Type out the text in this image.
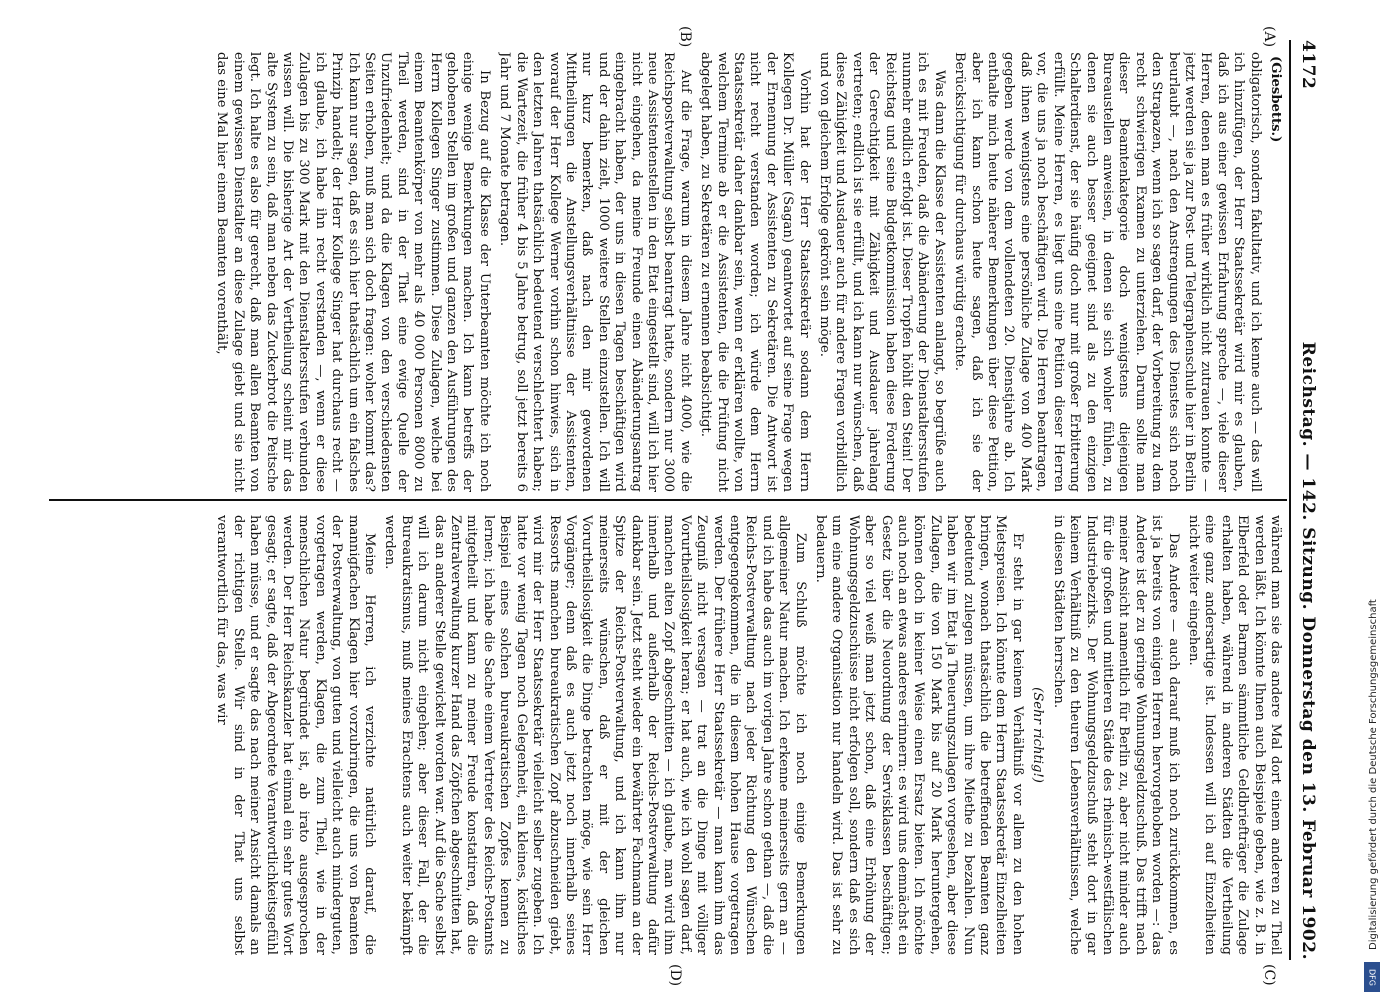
4172
Reichstag. — 142. Sitzung. Donnerstag den 13. Februar 1902.
(A)
(B)
(C)
(D)

(Giesbetts.)

obligatorisch, sondern fakultativ, und ich kenne auch — das will ich hinzufügen, der Herr Staatssekretär wird mir es glauben, daß ich aus einer gewissen Erfahrung spreche —, viele dieser Herren, denen man es früher wirklich nicht zutrauen konnte — jetzt werden sie ja zur Post- und Telegraphenschule hier in Berlin beurlaubt —, nach den Anstrengungen des Dienstes sich noch den Strapazen, wenn ich so sagen darf, der Vorbereitung zu dem recht schwierigen Examen zu unterziehen. Darum sollte man dieser Beamtenkategorie doch wenigstens diejenigen Bureaustellen anweisen, in denen sie sich wohler fühlen, zu denen sie auch besser geeignet sind als zu den einzigen Schalterdienst, der sie häufig doch nur mit großer Erbitterung erfüllt. Meine Herren, es liegt uns eine Petition dieser Herren vor, die uns ja noch beschäftigen wird. Die Herren beantragen, daß ihnen wenigstens eine persönliche Zulage von 400 Mark gegeben werde von dem vollendeten 20. Dienstjahre ab. Ich enthalte mich heute näherer Bemerkungen über diese Petition, aber ich kann schon heute sagen, daß ich sie der Berücksichtigung für durchaus würdig erachte.

Was dann die Klasse der Assistenten anlangt, so begrüße auch ich es mit Freuden, daß die Abänderung der Dienstaltersstufen nunmehr endlich erfolgt ist. Dieser Tropfen höhlt den Stein! Der Reichstag und seine Budgetkommission haben diese Forderung der Gerechtigkeit mit Zähigkeit und Ausdauer jahrelang vertreten; endlich ist sie erfüllt, und ich kann nur wünschen, daß diese Zähigkeit und Ausdauer auch für andere Fragen vorbildlich und von gleichem Erfolge gekrönt sein möge.

Vorhin hat der Herr Staatssekretär sodann dem Herrn Kollegen Dr. Müller (Sagan) geantwortet auf seine Frage wegen der Ernennung der Assistenten zu Sekretären. Die Antwort ist nicht recht verstanden worden; ich würde dem Herrn Staatssekretär daher dankbar sein, wenn er erklären wollte, von welchem Termine ab er die Assistenten, die die Prüfung nicht abgelegt haben, zu Sekretären zu ernennen beabsichtigt.

Auf die Frage, warum in diesem Jahre nicht 4000, wie die Reichspostverwaltung selbst beantragt hatte, sondern nur 3000 neue Assistentenstellen in den Etat eingestellt sind, will ich hier nicht eingehen, da meine Freunde einen Abänderungsantrag eingebracht haben, der uns in diesen Tagen beschäftigen wird und der dahin zielt, 1000 weitere Stellen einzustellen. Ich will nur kurz bemerken, daß nach den mir gewordenen Mittheilungen die Anstellungsverhältnisse der Assistenten, worauf der Herr Kollege Werner vorhin schon hinwies, sich in den letzten Jahren thatsächlich bedeutend verschlechtert haben; die Wartezeit, die früher 4 bis 5 Jahre betrug, soll jetzt bereits 6 Jahr und 7 Monate betragen.

In Bezug auf die Klasse der Unterbeamten möchte ich noch einige wenige Bemerkungen machen. Ich kann betreffs der gehobenen Stellen im großen und ganzen den Ausführungen des Herrn Kollegen Singer zustimmen. Diese Zulagen, welche bei einem Beamtenkörper von mehr als 40 000 Personen 8000 zu Theil werden, sind in der That eine ewige Quelle der Unzufriedenheit; und da die Klagen von den verschiedensten Seiten erhoben, muß man sich doch fragen: woher kommt das? Ich kann nur sagen, daß es sich hier thatsächlich um ein falsches Prinzip handelt; der Herr Kollege Singer hat durchaus recht — ich glaube, ich habe ihn recht verstanden —, wenn er diese Zulagen bis zu 300 Mark mit den Dienstaltersstufen verbunden wissen will. Die bisherige Art der Vertheilung scheint mir das alte System zu sein, daß man neben das Zuckerbrot die Peitsche legt. Ich halte es also für gerecht, daß man allen Beamten von einem gewissen Dienstalter an diese Zulage giebt und sie nicht das eine Mal hier einem Beamten vorenthält,

während man sie das andere Mal dort einem anderen zu Theil werden läßt. Ich könnte Ihnen auch Beispiele geben, wie z. B. in Elberfeld oder Barmen sämmtliche Geldbriefträger die Zulage erhalten haben, während in anderen Städten die Vertheilung eine ganz andersartige ist. Indessen will ich auf Einzelheiten nicht weiter eingehen.

Das Andere — auch darauf muß ich noch zurückkommen, es ist ja bereits von einigen Herren hervorgehoben worden —: das Andere ist der zu geringe Wohnungsgeldzuschuß. Das trifft nach meiner Ansicht namentlich für Berlin zu, aber nicht minder auch für die großen und mittleren Städte des rheinisch-westfälischen Industriebezirks. Der Wohnungsgeldzuschuß steht dort in gar keinem Verhältniß zu den theuren Lebensverhältnissen, welche in diesen Städten herrschen.

(Sehr richtig!)

Er steht in gar keinem Verhältniß vor allem zu den hohen Mietspreisen. Ich könnte dem Herrn Staatssekretär Einzelheiten bringen, wonach thatsächlich die betreffenden Beamten ganz bedeutend zulegen müssen, um ihre Miethe zu bezahlen. Nun haben wir im Etat ja Theuerungszulagen vorgesehen, aber diese Zulagen, die von 150 Mark bis auf 20 Mark heruntergehen, können doch in keiner Weise einen Ersatz bieten. Ich möchte auch noch an etwas anderes erinnern: es wird uns demnächst ein Gesetz über die Neuordnung der Servisklassen beschäftigen; aber so viel weiß man jetzt schon, daß eine Erhöhung der Wohnungsgeldzuschüsse nicht erfolgen soll, sondern daß es sich um eine andere Organisation nur handeln wird. Das ist sehr zu bedauern.

Zum Schluß möchte ich noch einige Bemerkungen allgemeiner Natur machen. Ich erkenne meinerseits gern an — und ich habe das auch im vorigen Jahre schon gethan —, daß die Reichs-Postverwaltung nach jeder Richtung den Wünschen entgegengekommen, die in diesem hohen Hause vorgetragen werden. Der frühere Herr Staatssekretär — man kann ihm das Zeugniß nicht versagen — trat an die Dinge mit völliger Vorurtheilslosigkeit heran; er hat auch, wie ich wohl sagen darf, manchen alten Zopf abgeschnitten — ich glaube, man wird ihm innerhalb und außerhalb der Reichs-Postverwaltung dafür dankbar sein. Jetzt steht wieder ein bewährter Fachmann an der Spitze der Reichs-Postverwaltung, und ich kann ihm nur meinerseits wünschen, daß er mit der gleichen Vorurtheilslosigkeit die Dinge betrachten möge, wie sein Herr Vorgänger; denn daß es auch jetzt noch innerhalb seines Ressorts manchen bureaukratischen Zopf abzuschneiden giebt, wird mir der Herr Staatssekretär vielleicht selber zugeben. Ich hatte vor wenig Tagen noch Gelegenheit, ein kleines, köstliches Beispiel eines solchen bureaukratischen Zopfes kennen zu lernen; ich habe die Sache einem Vertreter des Reichs-Postamts mitgetheilt und kann zu meiner Freude konstatiren, daß die Zentralverwaltung kurzer Hand das Zöpfchen abgeschnitten hat, das an anderer Stelle gewickelt worden war. Auf die Sache selbst will ich darum nicht eingehen; aber dieser Fall, der die Bureaukratismus, muß meines Erachtens auch weiter bekämpft werden.

Meine Herren, ich verzichte natürlich darauf, die mannigfachen Klagen hier vorzubringen, die uns von Beamten der Postverwaltung, von guten und vielleicht auch minderguten, vorgetragen werden, Klagen, die zum Theil, wie in der menschlichen Natur begründet ist, ab irato ausgesprochen werden. Der Herr Reichskanzler hat einmal ein sehr gutes Wort gesagt; er sagte, daß der Abgeordnete Verantwortlichkeitsgefühl haben müsse, und er sagte das nach meiner Ansicht damals an der richtigen Stelle. Wir sind in der That uns selbst verantwortlich für das, was wir	Digitalisierung gefördert durch die Deutsche Forschungsgemeinschaft
DFG
